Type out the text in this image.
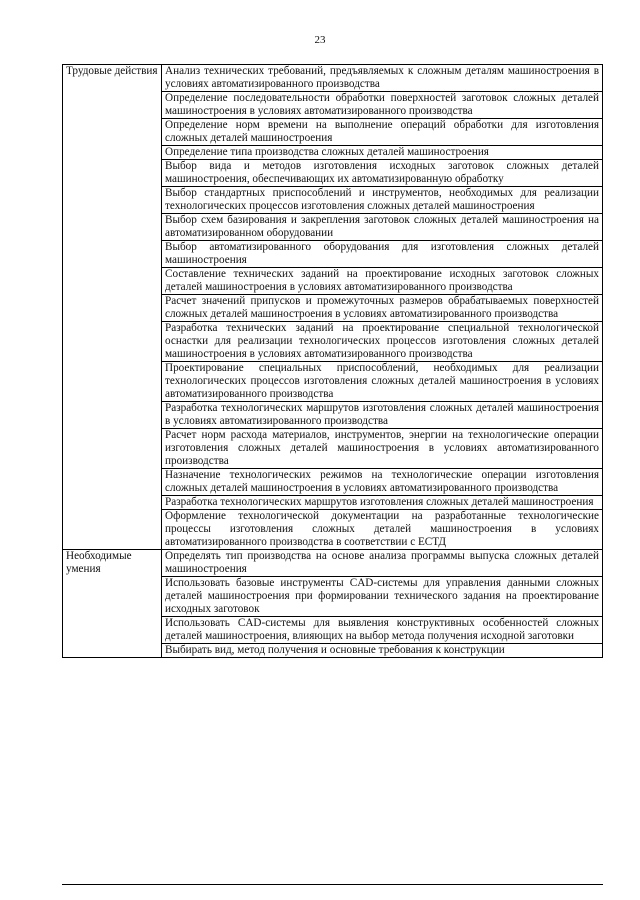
23
Трудовые действия	Анализ технических требований, предъявляемых к сложным деталям машиностроения в условиях автоматизированного производства
	Определение последовательности обработки поверхностей заготовок сложных деталей машиностроения в условиях автоматизированного производства
	Определение норм времени на выполнение операций обработки для изготовления сложных деталей машиностроения
	Определение типа производства сложных деталей машиностроения
	Выбор вида и методов изготовления исходных заготовок сложных деталей машиностроения, обеспечивающих их автоматизированную обработку
	Выбор стандартных приспособлений и инструментов, необходимых для реализации технологических процессов изготовления сложных деталей машиностроения
	Выбор схем базирования и закрепления заготовок сложных деталей машиностроения на автоматизированном оборудовании
	Выбор автоматизированного оборудования для изготовления сложных деталей машиностроения
	Составление технических заданий на проектирование исходных заготовок сложных деталей машиностроения в условиях автоматизированного производства
	Расчет значений припусков и промежуточных размеров обрабатываемых поверхностей сложных деталей машиностроения в условиях автоматизированного производства
	Разработка технических заданий на проектирование специальной технологической оснастки для реализации технологических процессов изготовления сложных деталей машиностроения в условиях автоматизированного производства
	Проектирование специальных приспособлений, необходимых для реализации технологических процессов изготовления сложных деталей машиностроения в условиях автоматизированного производства
	Разработка технологических маршрутов изготовления сложных деталей машиностроения в условиях автоматизированного производства
	Расчет норм расхода материалов, инструментов, энергии на технологические операции изготовления сложных деталей машиностроения в условиях автоматизированного производства
	Назначение технологических режимов на технологические операции изготовления сложных деталей машиностроения в условиях автоматизированного производства
	Разработка технологических маршрутов изготовления сложных деталей машиностроения
	Оформление технологической документации на разработанные технологические процессы изготовления сложных деталей машиностроения в условиях автоматизированного производства в соответствии с ЕСТД
Необходимые умения	Определять тип производства на основе анализа программы выпуска сложных деталей машиностроения
	Использовать базовые инструменты CAD-системы для управления данными сложных деталей машиностроения при формировании технического задания на проектирование исходных заготовок
	Использовать CAD-системы для выявления конструктивных особенностей сложных деталей машиностроения, влияющих на выбор метода получения исходной заготовки
	Выбирать вид, метод получения и основные требования к конструкции
